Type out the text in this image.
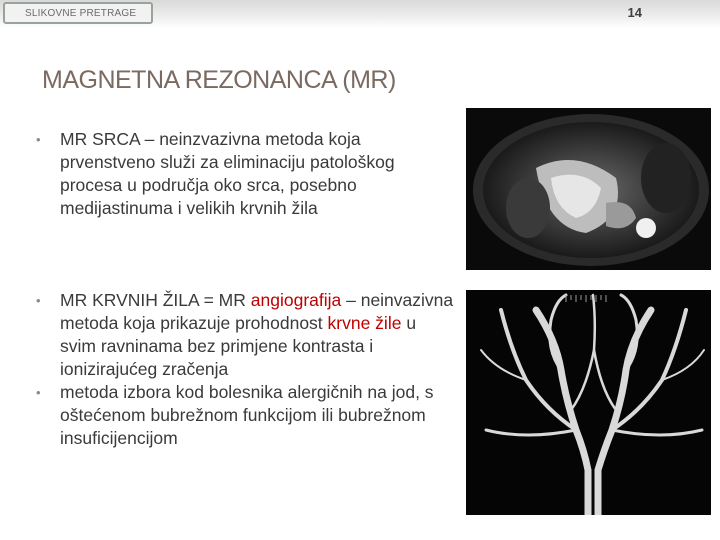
SLIKOVNE PRETRAGE	14
MAGNETNA REZONANCA (MR)
• MR SRCA – neinzvazivna metoda koja prvenstveno služi za eliminaciju patološkog procesa u područja oko srca, posebno medijastinuma i velikih krvnih žila
• MR KRVNIH ŽILA = MR angiografija – neinvazivna metoda koja prikazuje prohodnost krvne žile u svim ravninama bez primjene kontrasta i ionizirajućeg zračenja
• metoda izbora kod bolesnika alergičnih na jod, s oštećenom bubrežnom funkcijom ili bubrežnom insuficijencijom
